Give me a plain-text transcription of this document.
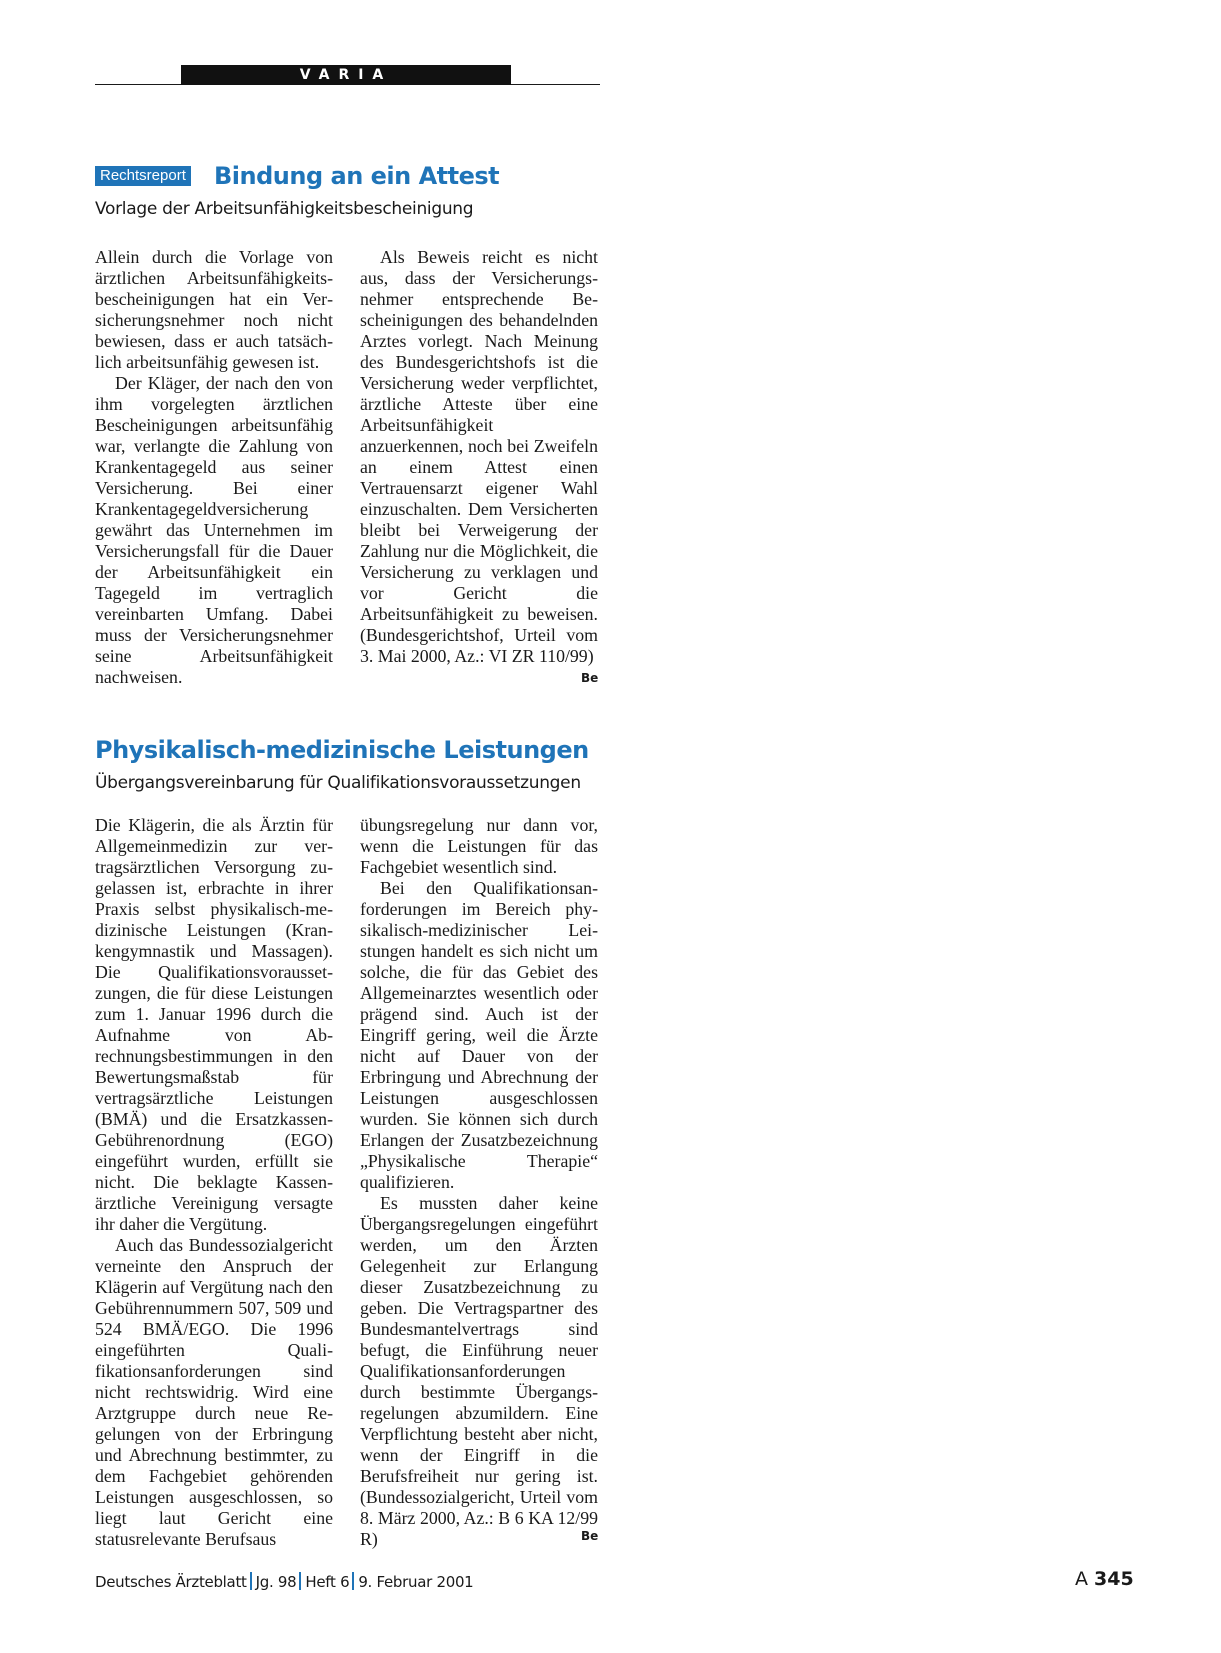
VARIA
Rechtsreport Bindung an ein Attest
Vorlage der Arbeitsunfähigkeitsbescheinigung

Allein durch die Vorlage von ärztlichen Arbeitsunfähigkeitsbescheinigungen hat ein Versicherungsnehmer noch nicht bewiesen, dass er auch tatsächlich arbeitsunfähig gewesen ist.

Der Kläger, der nach den von ihm vorgelegten ärztlichen Bescheinigungen arbeitsunfähig war, verlangte die Zahlung von Krankentagegeld aus seiner Versicherung. Bei einer Krankentagegeldversicherung gewährt das Unternehmen im Versicherungsfall für die Dauer der Arbeitsunfähigkeit ein Tagegeld im vertraglich vereinbarten Umfang. Dabei muss der Versicherungsnehmer seine Arbeitsunfähigkeit nachweisen.

Als Beweis reicht es nicht aus, dass der Versicherungsnehmer entsprechende Bescheinigungen des behandelnden Arztes vorlegt. Nach Meinung des Bundesgerichtshofs ist die Versicherung weder verpflichtet, ärztliche Atteste über eine Arbeitsunfähigkeit anzuerkennen, noch bei Zweifeln an einem Attest einen Vertrauensarzt eigener Wahl einzuschalten. Dem Versicherten bleibt bei Verweigerung der Zahlung nur die Möglichkeit, die Versicherung zu verklagen und vor Gericht die Arbeitsunfähigkeit zu beweisen. (Bundesgerichtshof, Urteil vom 3. Mai 2000, Az.: VI ZR 110/99)

Be
Physikalisch-medizinische Leistungen
Übergangsvereinbarung für Qualifikationsvoraussetzungen

Die Klägerin, die als Ärztin für Allgemeinmedizin zur vertragsärztlichen Versorgung zugelassen ist, erbrachte in ihrer Praxis selbst physikalisch-medizinische Leistungen (Krankengymnastik und Massagen). Die Qualifikationsvoraussetzungen, die für diese Leistungen zum 1. Januar 1996 durch die Aufnahme von Abrechnungsbestimmungen in den Bewertungsmaßstab für vertragsärztliche Leistungen (BMÄ) und die Ersatzkassen-Gebührenordnung (EGO) eingeführt wurden, erfüllt sie nicht. Die beklagte Kassenärztliche Vereinigung versagte ihr daher die Vergütung.

Auch das Bundessozialgericht verneinte den Anspruch der Klägerin auf Vergütung nach den Gebührennummern 507, 509 und 524 BMÄ/EGO. Die 1996 eingeführten Qualifikationsanforderungen sind nicht rechtswidrig. Wird eine Arztgruppe durch neue Regelungen von der Erbringung und Abrechnung bestimmter, zu dem Fachgebiet gehörenden Leistungen ausgeschlossen, so liegt laut Gericht eine statusrelevante Berufsaus

übungsregelung nur dann vor, wenn die Leistungen für das Fachgebiet wesentlich sind.

Bei den Qualifikationsanforderungen im Bereich physikalisch-medizinischer Leistungen handelt es sich nicht um solche, die für das Gebiet des Allgemeinarztes wesentlich oder prägend sind. Auch ist der Eingriff gering, weil die Ärzte nicht auf Dauer von der Erbringung und Abrechnung der Leistungen ausgeschlossen wurden. Sie können sich durch Erlangen der Zusatzbezeichnung „Physikalische Therapie“ qualifizieren.

Es mussten daher keine Übergangsregelungen eingeführt werden, um den Ärzten Gelegenheit zur Erlangung dieser Zusatzbezeichnung zu geben. Die Vertragspartner des Bundesmantelvertrags sind befugt, die Einführung neuer Qualifikationsanforderungen durch bestimmte Übergangsregelungen abzumildern. Eine Verpflichtung besteht aber nicht, wenn der Eingriff in die Berufsfreiheit nur gering ist. (Bundessozialgericht, Urteil vom 8. März 2000, Az.: B 6 KA 12/99 R)	Be
Deutsches Ärzteblatt Jg. 98 Heft 6 9. Februar 2001	A 345
